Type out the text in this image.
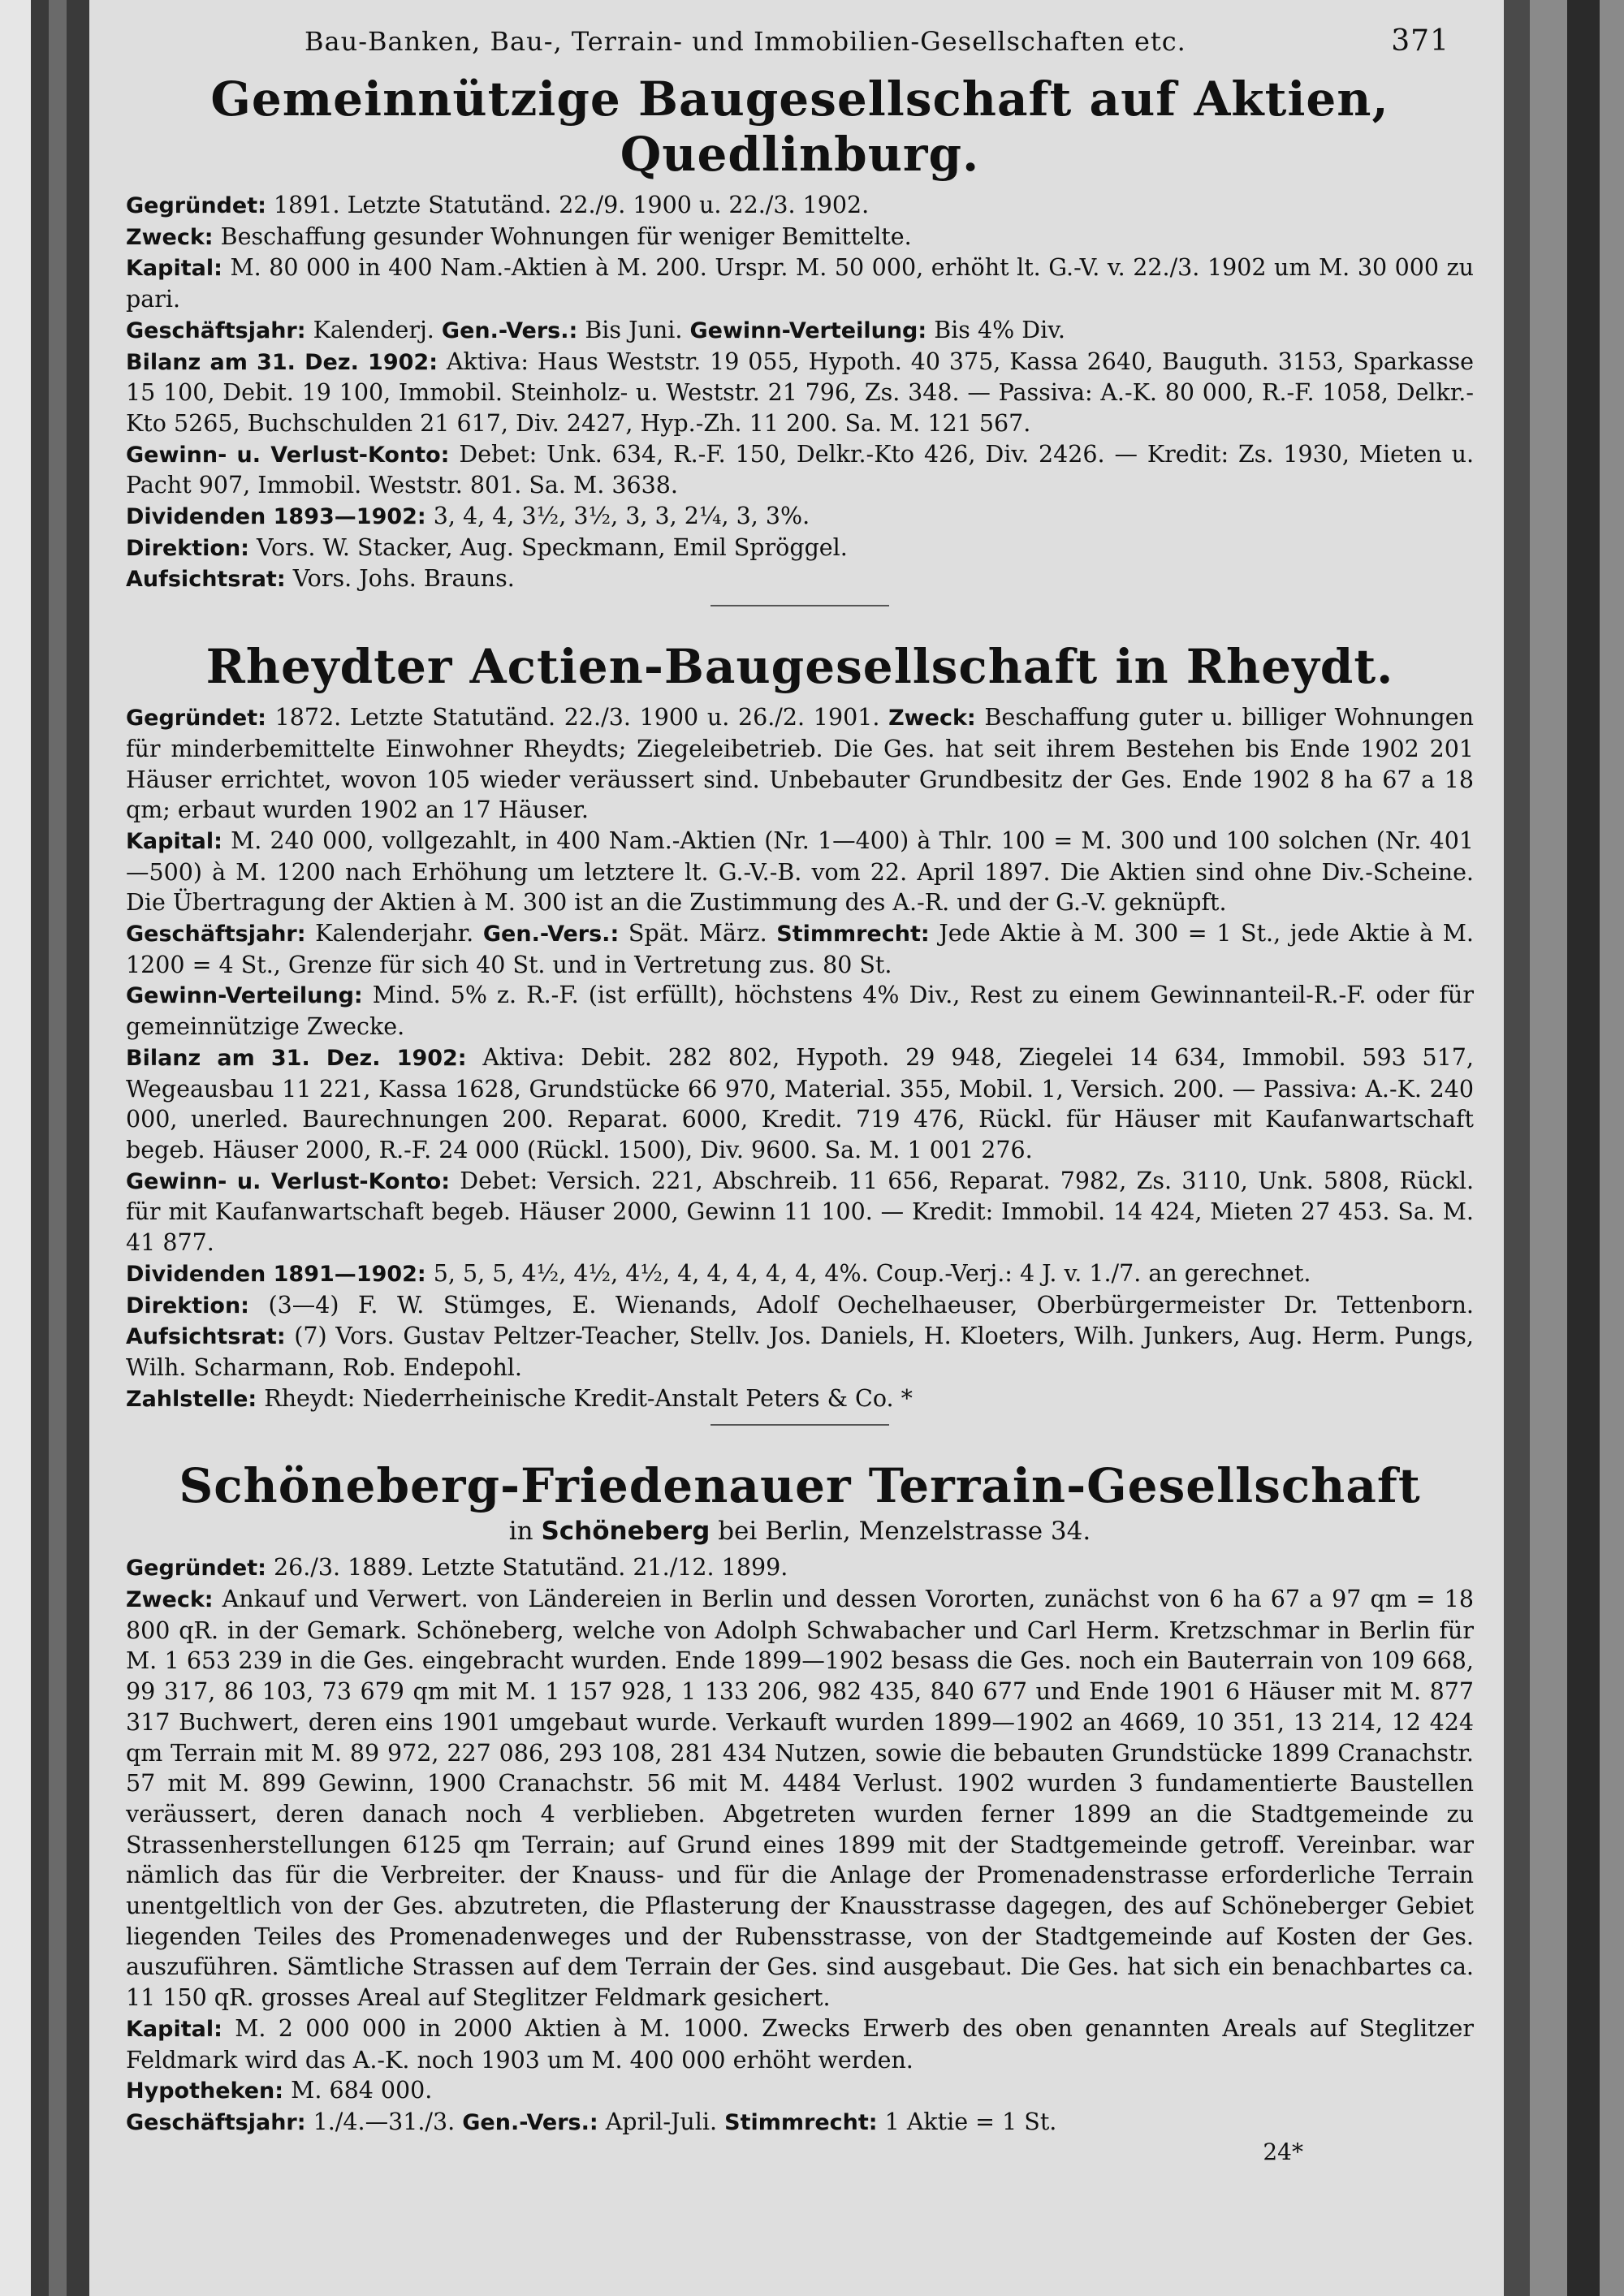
Bau-Banken, Bau-, Terrain- und Immobilien-Gesellschaften etc.	371
Gemeinnützige Baugesellschaft auf Aktien, Quedlinburg.

Gegründet: 1891. Letzte Statutänd. 22./9. 1900 u. 22./3. 1902.

Zweck: Beschaffung gesunder Wohnungen für weniger Bemittelte.

Kapital: M. 80 000 in 400 Nam.-Aktien à M. 200. Urspr. M. 50 000, erhöht lt. G.-V. v. 22./3. 1902 um M. 30 000 zu pari.

Geschäftsjahr: Kalenderj. Gen.-Vers.: Bis Juni. Gewinn-Verteilung: Bis 4% Div.

Bilanz am 31. Dez. 1902: Aktiva: Haus Weststr. 19 055, Hypoth. 40 375, Kassa 2640, Bauguth. 3153, Sparkasse 15 100, Debit. 19 100, Immobil. Steinholz- u. Weststr. 21 796, Zs. 348. — Passiva: A.-K. 80 000, R.-F. 1058, Delkr.-Kto 5265, Buchschulden 21 617, Div. 2427, Hyp.-Zh. 11 200. Sa. M. 121 567.

Gewinn- u. Verlust-Konto: Debet: Unk. 634, R.-F. 150, Delkr.-Kto 426, Div. 2426. — Kredit: Zs. 1930, Mieten u. Pacht 907, Immobil. Weststr. 801. Sa. M. 3638.

Dividenden 1893—1902: 3, 4, 4, 3½, 3½, 3, 3, 2¼, 3, 3%.

Direktion: Vors. W. Stacker, Aug. Speckmann, Emil Spröggel.

Aufsichtsrat: Vors. Johs. Brauns.

Rheydter Actien-Baugesellschaft in Rheydt.

Gegründet: 1872. Letzte Statutänd. 22./3. 1900 u. 26./2. 1901. Zweck: Beschaffung guter u. billiger Wohnungen für minderbemittelte Einwohner Rheydts; Ziegeleibetrieb. Die Ges. hat seit ihrem Bestehen bis Ende 1902 201 Häuser errichtet, wovon 105 wieder veräussert sind. Unbebauter Grundbesitz der Ges. Ende 1902 8 ha 67 a 18 qm; erbaut wurden 1902 an 17 Häuser.

Kapital: M. 240 000, vollgezahlt, in 400 Nam.-Aktien (Nr. 1—400) à Thlr. 100 = M. 300 und 100 solchen (Nr. 401—500) à M. 1200 nach Erhöhung um letztere lt. G.-V.-B. vom 22. April 1897. Die Aktien sind ohne Div.-Scheine. Die Übertragung der Aktien à M. 300 ist an die Zustimmung des A.-R. und der G.-V. geknüpft.

Geschäftsjahr: Kalenderjahr. Gen.-Vers.: Spät. März. Stimmrecht: Jede Aktie à M. 300 = 1 St., jede Aktie à M. 1200 = 4 St., Grenze für sich 40 St. und in Vertretung zus. 80 St.

Gewinn-Verteilung: Mind. 5% z. R.-F. (ist erfüllt), höchstens 4% Div., Rest zu einem Gewinnanteil-R.-F. oder für gemeinnützige Zwecke.

Bilanz am 31. Dez. 1902: Aktiva: Debit. 282 802, Hypoth. 29 948, Ziegelei 14 634, Immobil. 593 517, Wegeausbau 11 221, Kassa 1628, Grundstücke 66 970, Material. 355, Mobil. 1, Versich. 200. — Passiva: A.-K. 240 000, unerled. Baurechnungen 200. Reparat. 6000, Kredit. 719 476, Rückl. für Häuser mit Kaufanwartschaft begeb. Häuser 2000, R.-F. 24 000 (Rückl. 1500), Div. 9600. Sa. M. 1 001 276.

Gewinn- u. Verlust-Konto: Debet: Versich. 221, Abschreib. 11 656, Reparat. 7982, Zs. 3110, Unk. 5808, Rückl. für mit Kaufanwartschaft begeb. Häuser 2000, Gewinn 11 100. — Kredit: Immobil. 14 424, Mieten 27 453. Sa. M. 41 877.

Dividenden 1891—1902: 5, 5, 5, 4½, 4½, 4½, 4, 4, 4, 4, 4, 4%. Coup.-Verj.: 4 J. v. 1./7. an gerechnet.

Direktion: (3—4) F. W. Stümges, E. Wienands, Adolf Oechelhaeuser, Oberbürgermeister Dr. Tettenborn. Aufsichtsrat: (7) Vors. Gustav Peltzer-Teacher, Stellv. Jos. Daniels, H. Kloeters, Wilh. Junkers, Aug. Herm. Pungs, Wilh. Scharmann, Rob. Endepohl.

Zahlstelle: Rheydt: Niederrheinische Kredit-Anstalt Peters & Co. *

Schöneberg-Friedenauer Terrain-Gesellschaft
in Schöneberg bei Berlin, Menzelstrasse 34.

Gegründet: 26./3. 1889. Letzte Statutänd. 21./12. 1899.

Zweck: Ankauf und Verwert. von Ländereien in Berlin und dessen Vororten, zunächst von 6 ha 67 a 97 qm = 18 800 qR. in der Gemark. Schöneberg, welche von Adolph Schwabacher und Carl Herm. Kretzschmar in Berlin für M. 1 653 239 in die Ges. eingebracht wurden. Ende 1899—1902 besass die Ges. noch ein Bauterrain von 109 668, 99 317, 86 103, 73 679 qm mit M. 1 157 928, 1 133 206, 982 435, 840 677 und Ende 1901 6 Häuser mit M. 877 317 Buchwert, deren eins 1901 umgebaut wurde. Verkauft wurden 1899—1902 an 4669, 10 351, 13 214, 12 424 qm Terrain mit M. 89 972, 227 086, 293 108, 281 434 Nutzen, sowie die bebauten Grundstücke 1899 Cranachstr. 57 mit M. 899 Gewinn, 1900 Cranachstr. 56 mit M. 4484 Verlust. 1902 wurden 3 fundamentierte Baustellen veräussert, deren danach noch 4 verblieben. Abgetreten wurden ferner 1899 an die Stadtgemeinde zu Strassenherstellungen 6125 qm Terrain; auf Grund eines 1899 mit der Stadtgemeinde getroff. Vereinbar. war nämlich das für die Verbreiter. der Knauss- und für die Anlage der Promenadenstrasse erforderliche Terrain unentgeltlich von der Ges. abzutreten, die Pflasterung der Knausstrasse dagegen, des auf Schöneberger Gebiet liegenden Teiles des Promenadenweges und der Rubensstrasse, von der Stadtgemeinde auf Kosten der Ges. auszuführen. Sämtliche Strassen auf dem Terrain der Ges. sind ausgebaut. Die Ges. hat sich ein benachbartes ca. 11 150 qR. grosses Areal auf Steglitzer Feldmark gesichert.

Kapital: M. 2 000 000 in 2000 Aktien à M. 1000. Zwecks Erwerb des oben genannten Areals auf Steglitzer Feldmark wird das A.-K. noch 1903 um M. 400 000 erhöht werden.

Hypotheken: M. 684 000.

Geschäftsjahr: 1./4.—31./3. Gen.-Vers.: April-Juli. Stimmrecht: 1 Aktie = 1 St.

24*
